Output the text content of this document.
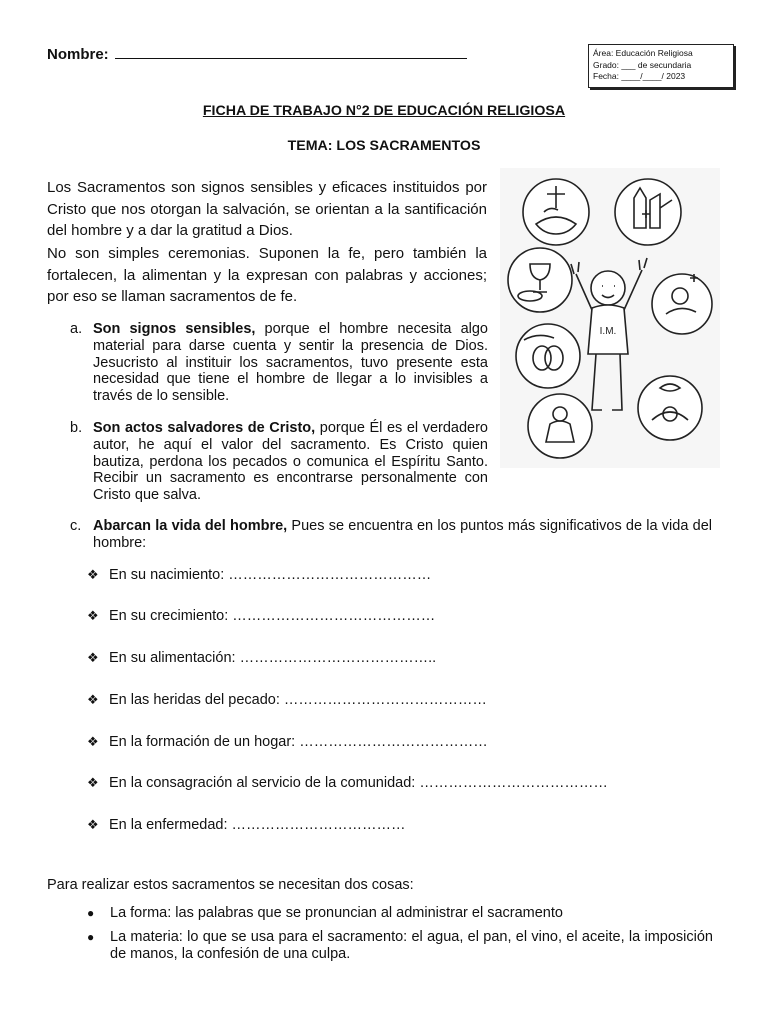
Nombre:	Área: Educación Religiosa
Grado: ___ de secundaria
Fecha: ____/____/ 2023
FICHA DE TRABAJO N°2 DE EDUCACIÓN RELIGIOSA
TEMA: LOS SACRAMENTOS
Los Sacramentos son signos sensibles y eficaces instituidos por Cristo que nos otorgan la salvación, se orientan a la santificación del hombre y a dar la gratitud a Dios.
No son simples ceremonias. Suponen la fe, pero también la fortalecen, la alimentan y la expresan con palabras y acciones; por eso se llaman sacramentos de fe.
a. Son signos sensibles, porque el hombre necesita algo material para darse cuenta y sentir la presencia de Dios. Jesucristo al instituir los sacramentos, tuvo presente esta necesidad que tiene el hombre de llegar a lo invisibles a través de lo sensible.
b. Son actos salvadores de Cristo, porque Él es el verdadero autor, he aquí el valor del sacramento. Es Cristo quien bautiza, perdona los pecados o comunica el Espíritu Santo. Recibir un sacramento es encontrarse personalmente con Cristo que salva.
c. Abarcan la vida del hombre, Pues se encuentra en los puntos más significativos de la vida del hombre:
I.M.
❖ En su nacimiento: ……………………………………
❖ En su crecimiento: ……………………………………
❖ En su alimentación: …………………………………..
❖ En las heridas del pecado: ……………………………………
❖ En la formación de un hogar: …………………………………
❖ En la consagración al servicio de la comunidad: …………………………………
❖ En la enfermedad: ………………………………
Para realizar estos sacramentos se necesitan dos cosas:
● La forma: las palabras que se pronuncian al administrar el sacramento
● La materia: lo que se usa para el sacramento: el agua, el pan, el vino, el aceite, la imposición de manos, la confesión de una culpa.
